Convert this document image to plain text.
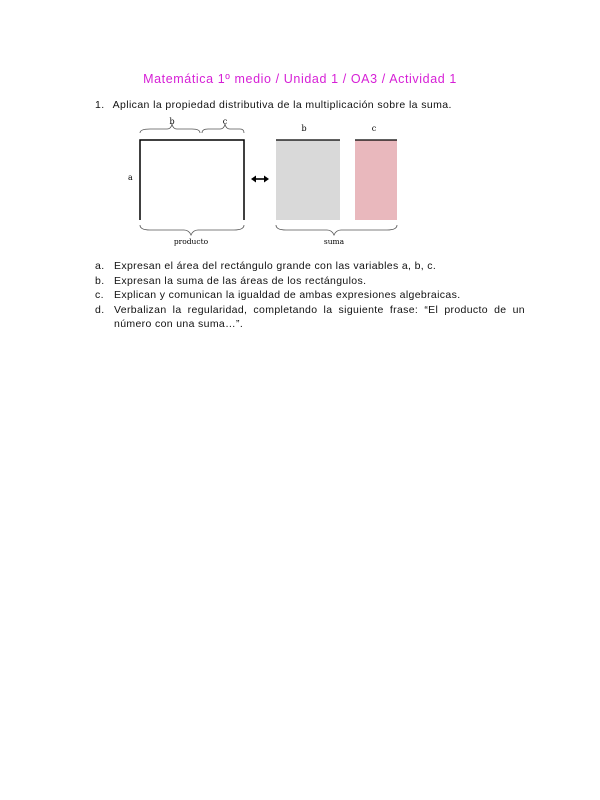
Matemática 1º medio / Unidad 1 / OA3 / Actividad 1
1. Aplican la propiedad distributiva de la multiplicación sobre la suma.
b	c
a
producto
b	c
suma
a. Expresan el área del rectángulo grande con las variables a, b, c.
b. Expresan la suma de las áreas de los rectángulos.
c. Explican y comunican la igualdad de ambas expresiones algebraicas.
d. Verbalizan la regularidad, completando la siguiente frase: “El producto de un número con una suma…”.
